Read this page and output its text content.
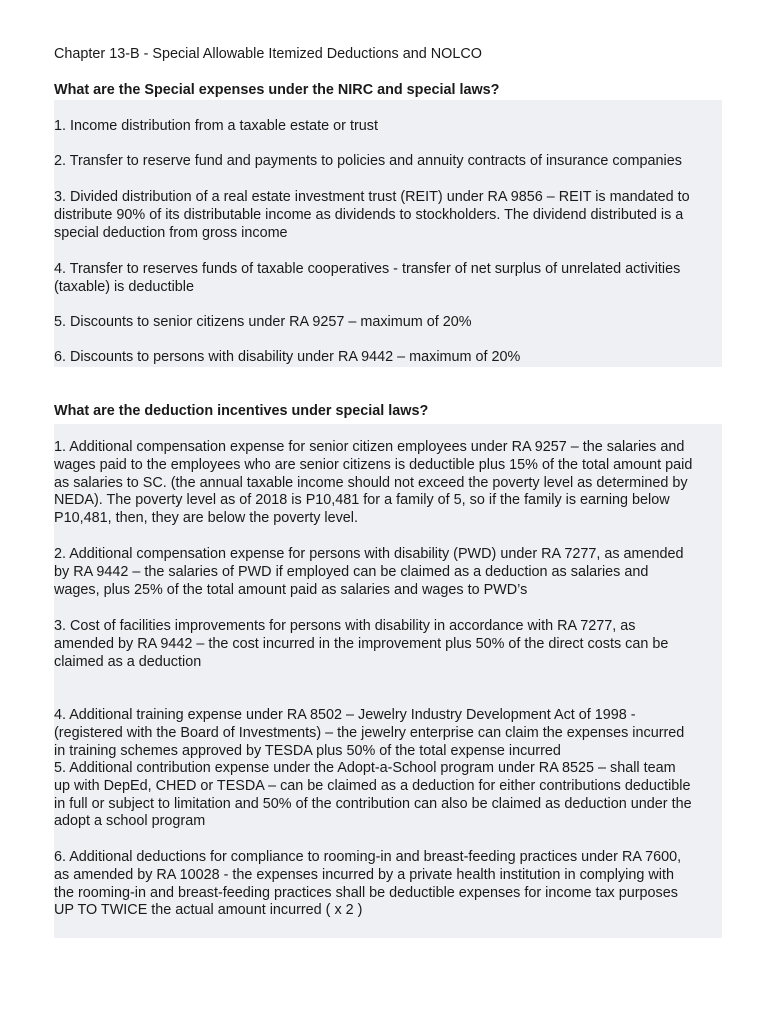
Chapter 13-B - Special Allowable Itemized Deductions and NOLCO
What are the Special expenses under the NIRC and special laws?
1. Income distribution from a taxable estate or trust
2. Transfer to reserve fund and payments to policies and annuity contracts of insurance companies
3. Divided distribution of a real estate investment trust (REIT) under RA 9856 – REIT is mandated to
distribute 90% of its distributable income as dividends to stockholders. The dividend distributed is a
special deduction from gross income
4. Transfer to reserves funds of taxable cooperatives - transfer of net surplus of unrelated activities
(taxable) is deductible
5. Discounts to senior citizens under RA 9257 – maximum of 20%
6. Discounts to persons with disability under RA 9442 – maximum of 20%
What are the deduction incentives under special laws?
1. Additional compensation expense for senior citizen employees under RA 9257 – the salaries and
wages paid to the employees who are senior citizens is deductible plus 15% of the total amount paid
as salaries to SC. (the annual taxable income should not exceed the poverty level as determined by
NEDA). The poverty level as of 2018 is P10,481 for a family of 5, so if the family is earning below
P10,481, then, they are below the poverty level.
2. Additional compensation expense for persons with disability (PWD) under RA 7277, as amended
by RA 9442 – the salaries of PWD if employed can be claimed as a deduction as salaries and
wages, plus 25% of the total amount paid as salaries and wages to PWD’s
3. Cost of facilities improvements for persons with disability in accordance with RA 7277, as
amended by RA 9442 – the cost incurred in the improvement plus 50% of the direct costs can be
claimed as a deduction
4. Additional training expense under RA 8502 – Jewelry Industry Development Act of 1998 -
(registered with the Board of Investments) – the jewelry enterprise can claim the expenses incurred
in training schemes approved by TESDA plus 50% of the total expense incurred
5. Additional contribution expense under the Adopt-a-School program under RA 8525 – shall team
up with DepEd, CHED or TESDA – can be claimed as a deduction for either contributions deductible
in full or subject to limitation and 50% of the contribution can also be claimed as deduction under the
adopt a school program
6. Additional deductions for compliance to rooming-in and breast-feeding practices under RA 7600,
as amended by RA 10028 - the expenses incurred by a private health institution in complying with
the rooming-in and breast-feeding practices shall be deductible expenses for income tax purposes
UP TO TWICE the actual amount incurred ( x 2 )
